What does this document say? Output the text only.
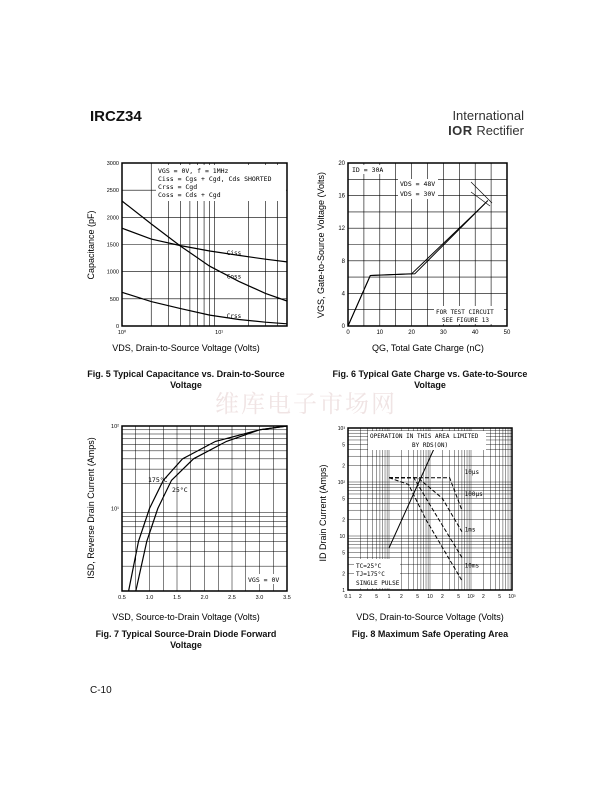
IRCZ34	International
IOR Rectifier
维库电子市场网
10⁰	10¹
0
500
1000
1500
2000
2500
3000
Ciss
Coss
Crss
Capacitance (pF)
VDS, Drain-to-Source Voltage (Volts)
VGS = 0V, f = 1MHz
Ciss = Cgs + Cgd, Cds SHORTED
Crss = Cgd
Coss = Cds + Cgd
Fig. 5 Typical Capacitance vs. Drain-to-Source Voltage
0	10	20	30	40	50
0
4
8
12
16
20
VGS, Gate-to-Source Voltage (Volts)
QG, Total Gate Charge (nC)
ID = 30A
VDS = 48V
VDS = 30V
FOR TEST CIRCUIT
SEE FIGURE 13
Fig. 6 Typical Gate Charge vs. Gate-to-Source Voltage
0.5	1.0	1.5	2.0	2.5	3.0	3.5
10¹
10²
ISD, Reverse Drain Current (Amps)
VSD, Source-to-Drain Voltage (Volts)
175°C
25°C
VGS = 0V
Fig. 7 Typical Source-Drain Diode Forward Voltage
0.1 2	5 1 2	5 10 2	5 10² 2	5 10³
1
2
5
10
2
5
10²
2
5
10³
10µs
100µs
1ms
10ms
ID Drain Current (Amps)
VDS, Drain-to-Source Voltage (Volts)
OPERATION IN THIS AREA LIMITED
BY RDS(ON)
TC=25°C
TJ=175°C
SINGLE PULSE
Fig. 8 Maximum Safe Operating Area
C-10
